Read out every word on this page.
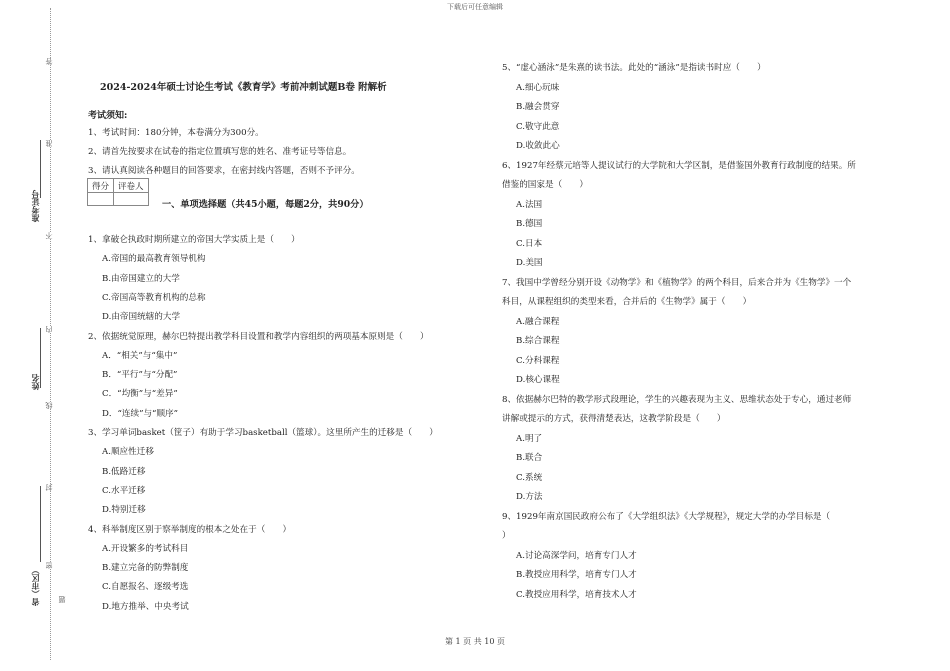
下载后可任意编辑
答
准
不
内
线
封
密
题
准考证号
姓名
省（市区）
2024-2024年硕士讨论生考试《教育学》考前冲刺试题B卷 附解析
考试须知:
1、考试时间：180分钟，本卷满分为300分。
2、请首先按要求在试卷的指定位置填写您的姓名、准考证号等信息。
3、请认真阅读各种题目的回答要求，在密封线内答题，否则不予评分。
得分	评卷人

一、单项选择题（共45小题，每题2分，共90分）
1、拿破仑执政时期所建立的帝国大学实质上是（　　）
A.帝国的最高教育领导机构
B.由帝国建立的大学
C.帝国高等教育机构的总称
D.由帝国统辖的大学
2、依据统觉原理，赫尔巴特提出教学科目设置和教学内容组织的两项基本原则是（　　）
A．“相关”与“集中”
B．“平行”与“分配”
C．“均衡”与“差异”
D．“连续”与“顺序”
3、学习单词basket（筐子）有助于学习basketball（篮球）。这里所产生的迁移是（　　）
A.顺应性迁移
B.低路迁移
C.水平迁移
D.特别迁移
4、科举制度区别于察举制度的根本之处在于（　　）
A.开设繁多的考试科目
B.建立完备的防弊制度
C.自愿报名、逐级考选
D.地方推举、中央考试
5、“虚心涵泳”是朱熹的读书法。此处的“涵泳”是指读书时应（　　）
A.细心玩味
B.融会贯穿
C.敬守此意
D.收敛此心
6、1927年经蔡元培等人提议试行的大学院和大学区制，是借鉴国外教育行政制度的结果。所
借鉴的国家是（　　）
A.法国
B.德国
C.日本
D.美国
7、我国中学曾经分别开设《动物学》和《植物学》的两个科目，后来合并为《生物学》一个
科目，从课程组织的类型来看，合并后的《生物学》属于（　　）
A.融合课程
B.综合课程
C.分科课程
D.核心课程
8、依据赫尔巴特的教学形式段理论，学生的兴趣表现为主义、思维状态处于专心，通过老师
讲解或提示的方式，获得清楚表达，这教学阶段是（　　）
A.明了
B.联合
C.系统
D.方法
9、1929年南京国民政府公布了《大学组织法》《大学规程》，规定大学的办学目标是（
）
A.讨论高深学问，培育专门人才
B.教授应用科学，培育专门人才
C.教授应用科学，培育技术人才
第 1 页 共 10 页
